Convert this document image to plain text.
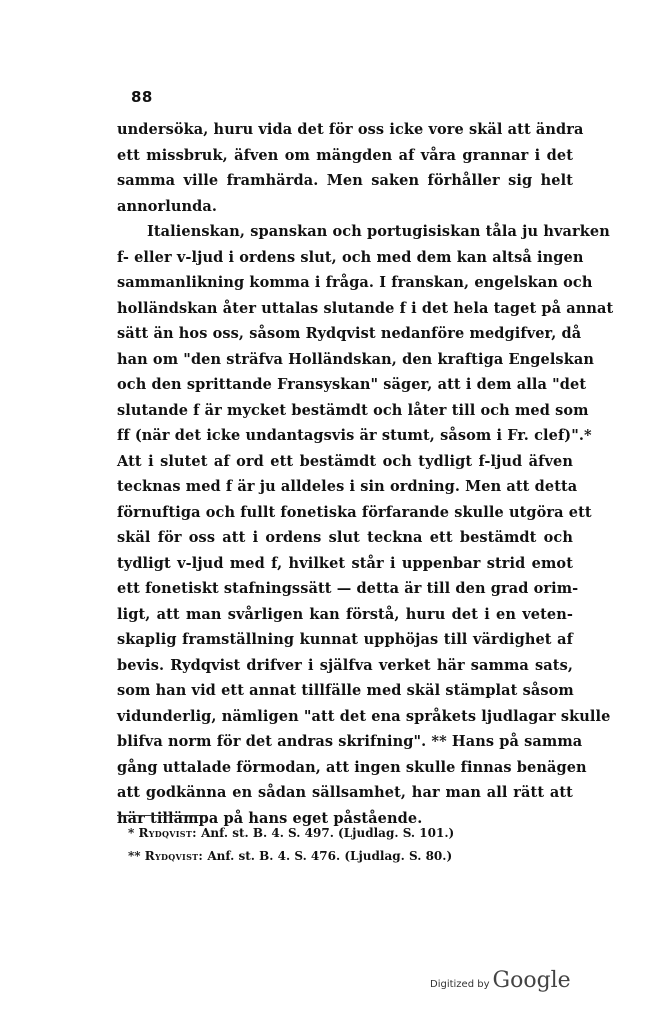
88
undersöka, huru vida det för oss icke vore skäl att ändra
ett missbruk, äfven om mängden af våra grannar i det
samma ville framhärda. Men saken förhåller sig helt
annorlunda.
Italienskan, spanskan och portugisiskan tåla ju hvarken
f- eller v-ljud i ordens slut, och med dem kan altså ingen
sammanlikning komma i fråga. I franskan, engelskan och
holländskan åter uttalas slutande f i det hela taget på annat
sätt än hos oss, såsom Rydqvist nedanföre medgifver, då
han om "den sträfva Holländskan, den kraftiga Engelskan
och den sprittande Fransyskan" säger, att i dem alla "det
slutande f är mycket bestämdt och låter till och med som
ff (när det icke undantagsvis är stumt, såsom i Fr. clef)".*
Att i slutet af ord ett bestämdt och tydligt f-ljud äfven
tecknas med f är ju alldeles i sin ordning. Men att detta
förnuftiga och fullt fonetiska förfarande skulle utgöra ett
skäl för oss att i ordens slut teckna ett bestämdt och
tydligt v-ljud med f, hvilket står i uppenbar strid emot
ett fonetiskt stafningssätt — detta är till den grad orim-
ligt, att man svårligen kan förstå, huru det i en veten-
skaplig framställning kunnat upphöjas till värdighet af
bevis. Rydqvist drifver i själfva verket här samma sats,
som han vid ett annat tillfälle med skäl stämplat såsom
vidunderlig, nämligen "att det ena språkets ljudlagar skulle
blifva norm för det andras skrifning". ** Hans på samma
gång uttalade förmodan, att ingen skulle finnas benägen
att godkänna en sådan sällsamhet, har man all rätt att
här tillämpa på hans eget påstående.
* Rydqvist: Anf. st. B. 4. S. 497. (Ljudlag. S. 101.)
** Rydqvist: Anf. st. B. 4. S. 476. (Ljudlag. S. 80.)
Digitized by Google
